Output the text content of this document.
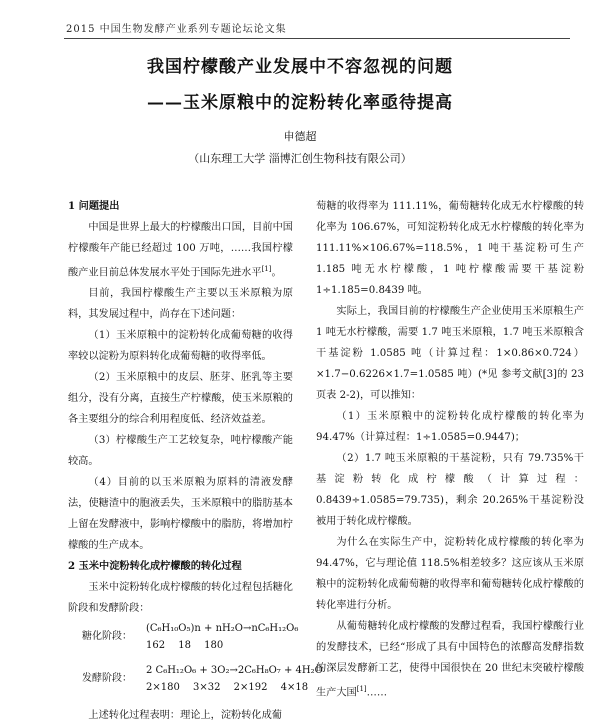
2015 中国生物发酵产业系列专题论坛论文集
我国柠檬酸产业发展中不容忽视的问题
——玉米原粮中的淀粉转化率亟待提高
申德超
（山东理工大学 淄博汇创生物科技有限公司）

1 问题提出

中国是世界上最大的柠檬酸出口国，目前中国柠檬酸年产能已经超过 100 万吨，……我国柠檬酸产业目前总体发展水平处于国际先进水平[1]。

目前，我国柠檬酸生产主要以玉米原粮为原料，其发展过程中，尚存在下述问题：

（1）玉米原粮中的淀粉转化成葡萄糖的收得率较以淀粉为原料转化成葡萄糖的收得率低。

（2）玉米原粮中的皮层、胚芽、胚乳等主要组分，没有分离，直接生产柠檬酸，使玉米原粮的各主要组分的综合利用程度低、经济效益差。

（3）柠檬酸生产工艺较复杂，吨柠檬酸产能较高。

（4）目前的以玉米原粮为原料的清液发酵法，使糖渣中的胞液丢失，玉米原粮中的脂肪基本上留在发酵液中，影响柠檬酸中的脂肪，将增加柠檬酸的生产成本。

2 玉米中淀粉转化成柠檬酸的转化过程

玉米中淀粉转化成柠檬酸的转化过程包括糖化阶段和发酵阶段：

糖化阶段：
(C₆H₁₀O₅)n + nH₂O→nC₆H₁₂O₆
162 18 180
发酵阶段：
2 C₆H₁₂O₆ + 3O₂→2C₆H₈O₇ + 4H₂O
2×180 3×32 2×192 4×18

上述转化过程表明：理论上，淀粉转化成葡

萄糖的收得率为 111.11%，葡萄糖转化成无水柠檬酸的转化率为 106.67%，可知淀粉转化成无水柠檬酸的转化率为 111.11%×106.67%=118.5%，1 吨干基淀粉可生产 1.185 吨无水柠檬酸，1 吨柠檬酸需要干基淀粉 1÷1.185=0.8439 吨。

实际上，我国目前的柠檬酸生产企业使用玉米原粮生产 1 吨无水柠檬酸，需要 1.7 吨玉米原粮，1.7 吨玉米原粮含干基淀粉 1.0585 吨（计算过程：1×0.86×0.724）×1.7−0.6226×1.7=1.0585 吨）(*见 参考文献[3]的 23 页表 2-2)，可以推知：

（1）玉米原粮中的淀粉转化成柠檬酸的转化率为 94.47%（计算过程：1÷1.0585=0.9447)；

（2）1.7 吨玉米原粮的干基淀粉，只有 79.735%干基淀粉转化成柠檬酸（计算过程：0.8439÷1.0585=79.735)，剩余 20.265%干基淀粉没被用于转化成柠檬酸。

为什么在实际生产中，淀粉转化成柠檬酸的转化率为 94.47%，它与理论值 118.5%相差较多？这应该从玉米原粮中的淀粉转化成葡萄糖的收得率和葡萄糖转化成柠檬酸的转化率进行分析。

从葡萄糖转化成柠檬酸的发酵过程看，我国柠檬酸行业的发酵技术，已经“形成了具有中国特色的浓醪高发酵指数的深层发酵新工艺，使得中国很快在 20 世纪末突破柠檬酸生产大国[1]……
